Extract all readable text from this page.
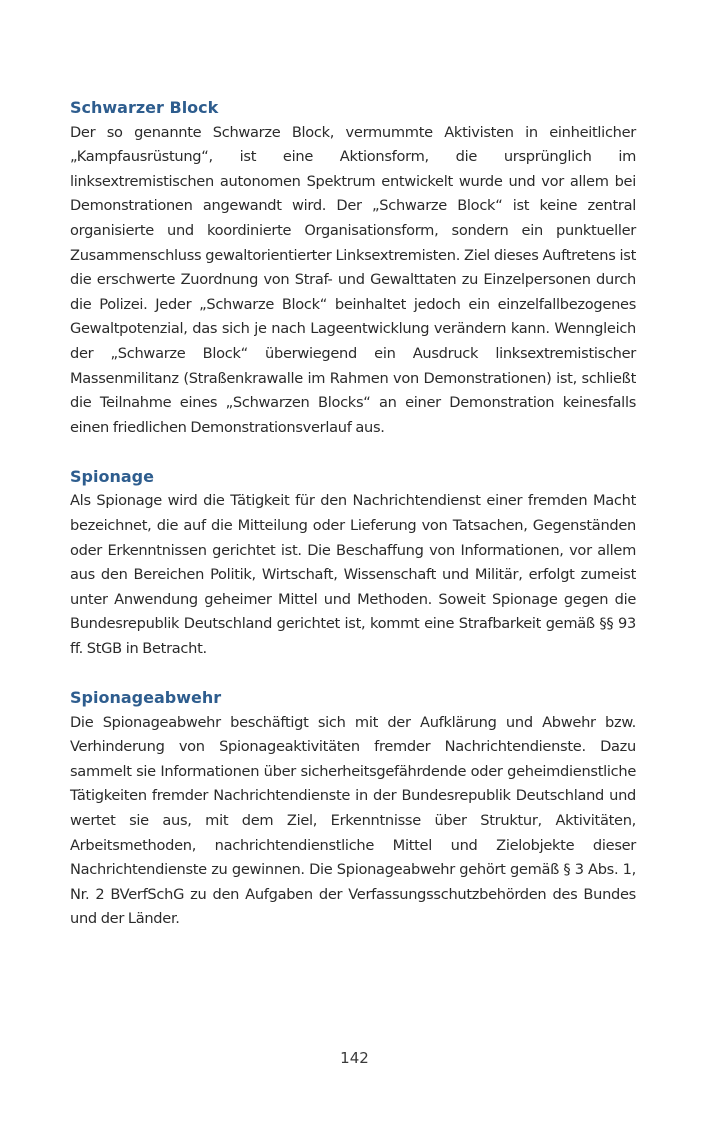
Schwarzer Block

Der so genannte Schwarze Block, vermummte Aktivisten in einheitlicher „Kampfausrüstung“, ist eine Aktionsform, die ursprünglich im linksextremistischen autonomen Spektrum entwickelt wurde und vor allem bei Demonstrationen angewandt wird. Der „Schwarze Block“ ist keine zentral organisierte und koordinierte Organisationsform, sondern ein punktueller Zusammenschluss gewaltorientierter Linksextremisten. Ziel dieses Auftretens ist die erschwerte Zuordnung von Straf- und Gewalttaten zu Einzelpersonen durch die Polizei. Jeder „Schwarze Block“ beinhaltet jedoch ein einzelfallbezogenes Gewaltpotenzial, das sich je nach Lageentwicklung verändern kann. Wenngleich der „Schwarze Block“ überwiegend ein Ausdruck linksextremistischer Massenmilitanz (Straßenkrawalle im Rahmen von Demonstrationen) ist, schließt die Teilnahme eines „Schwarzen Blocks“ an einer Demonstration keinesfalls einen friedlichen Demonstrationsverlauf aus.

Spionage

Als Spionage wird die Tätigkeit für den Nachrichtendienst einer fremden Macht bezeichnet, die auf die Mitteilung oder Lieferung von Tatsachen, Gegenständen oder Erkenntnissen gerichtet ist. Die Beschaffung von Informationen, vor allem aus den Bereichen Politik, Wirtschaft, Wissenschaft und Militär, erfolgt zumeist unter Anwendung geheimer Mittel und Methoden. Soweit Spionage gegen die Bundesrepublik Deutschland gerichtet ist, kommt eine Strafbarkeit gemäß §§ 93 ff. StGB in Betracht.

Spionageabwehr

Die Spionageabwehr beschäftigt sich mit der Aufklärung und Abwehr bzw. Verhinderung von Spionageaktivitäten fremder Nachrichtendienste. Dazu sammelt sie Informationen über sicherheitsgefährdende oder geheimdienstliche Tätigkeiten fremder Nachrichtendienste in der Bundesrepublik Deutschland und wertet sie aus, mit dem Ziel, Erkenntnisse über Struktur, Aktivitäten, Arbeitsmethoden, nachrichtendienstliche Mittel und Zielobjekte dieser Nachrichtendienste zu gewinnen. Die Spionageabwehr gehört gemäß § 3 Abs. 1, Nr. 2 BVerfSchG zu den Aufgaben der Verfassungsschutzbehörden des Bundes und der Länder.

142
